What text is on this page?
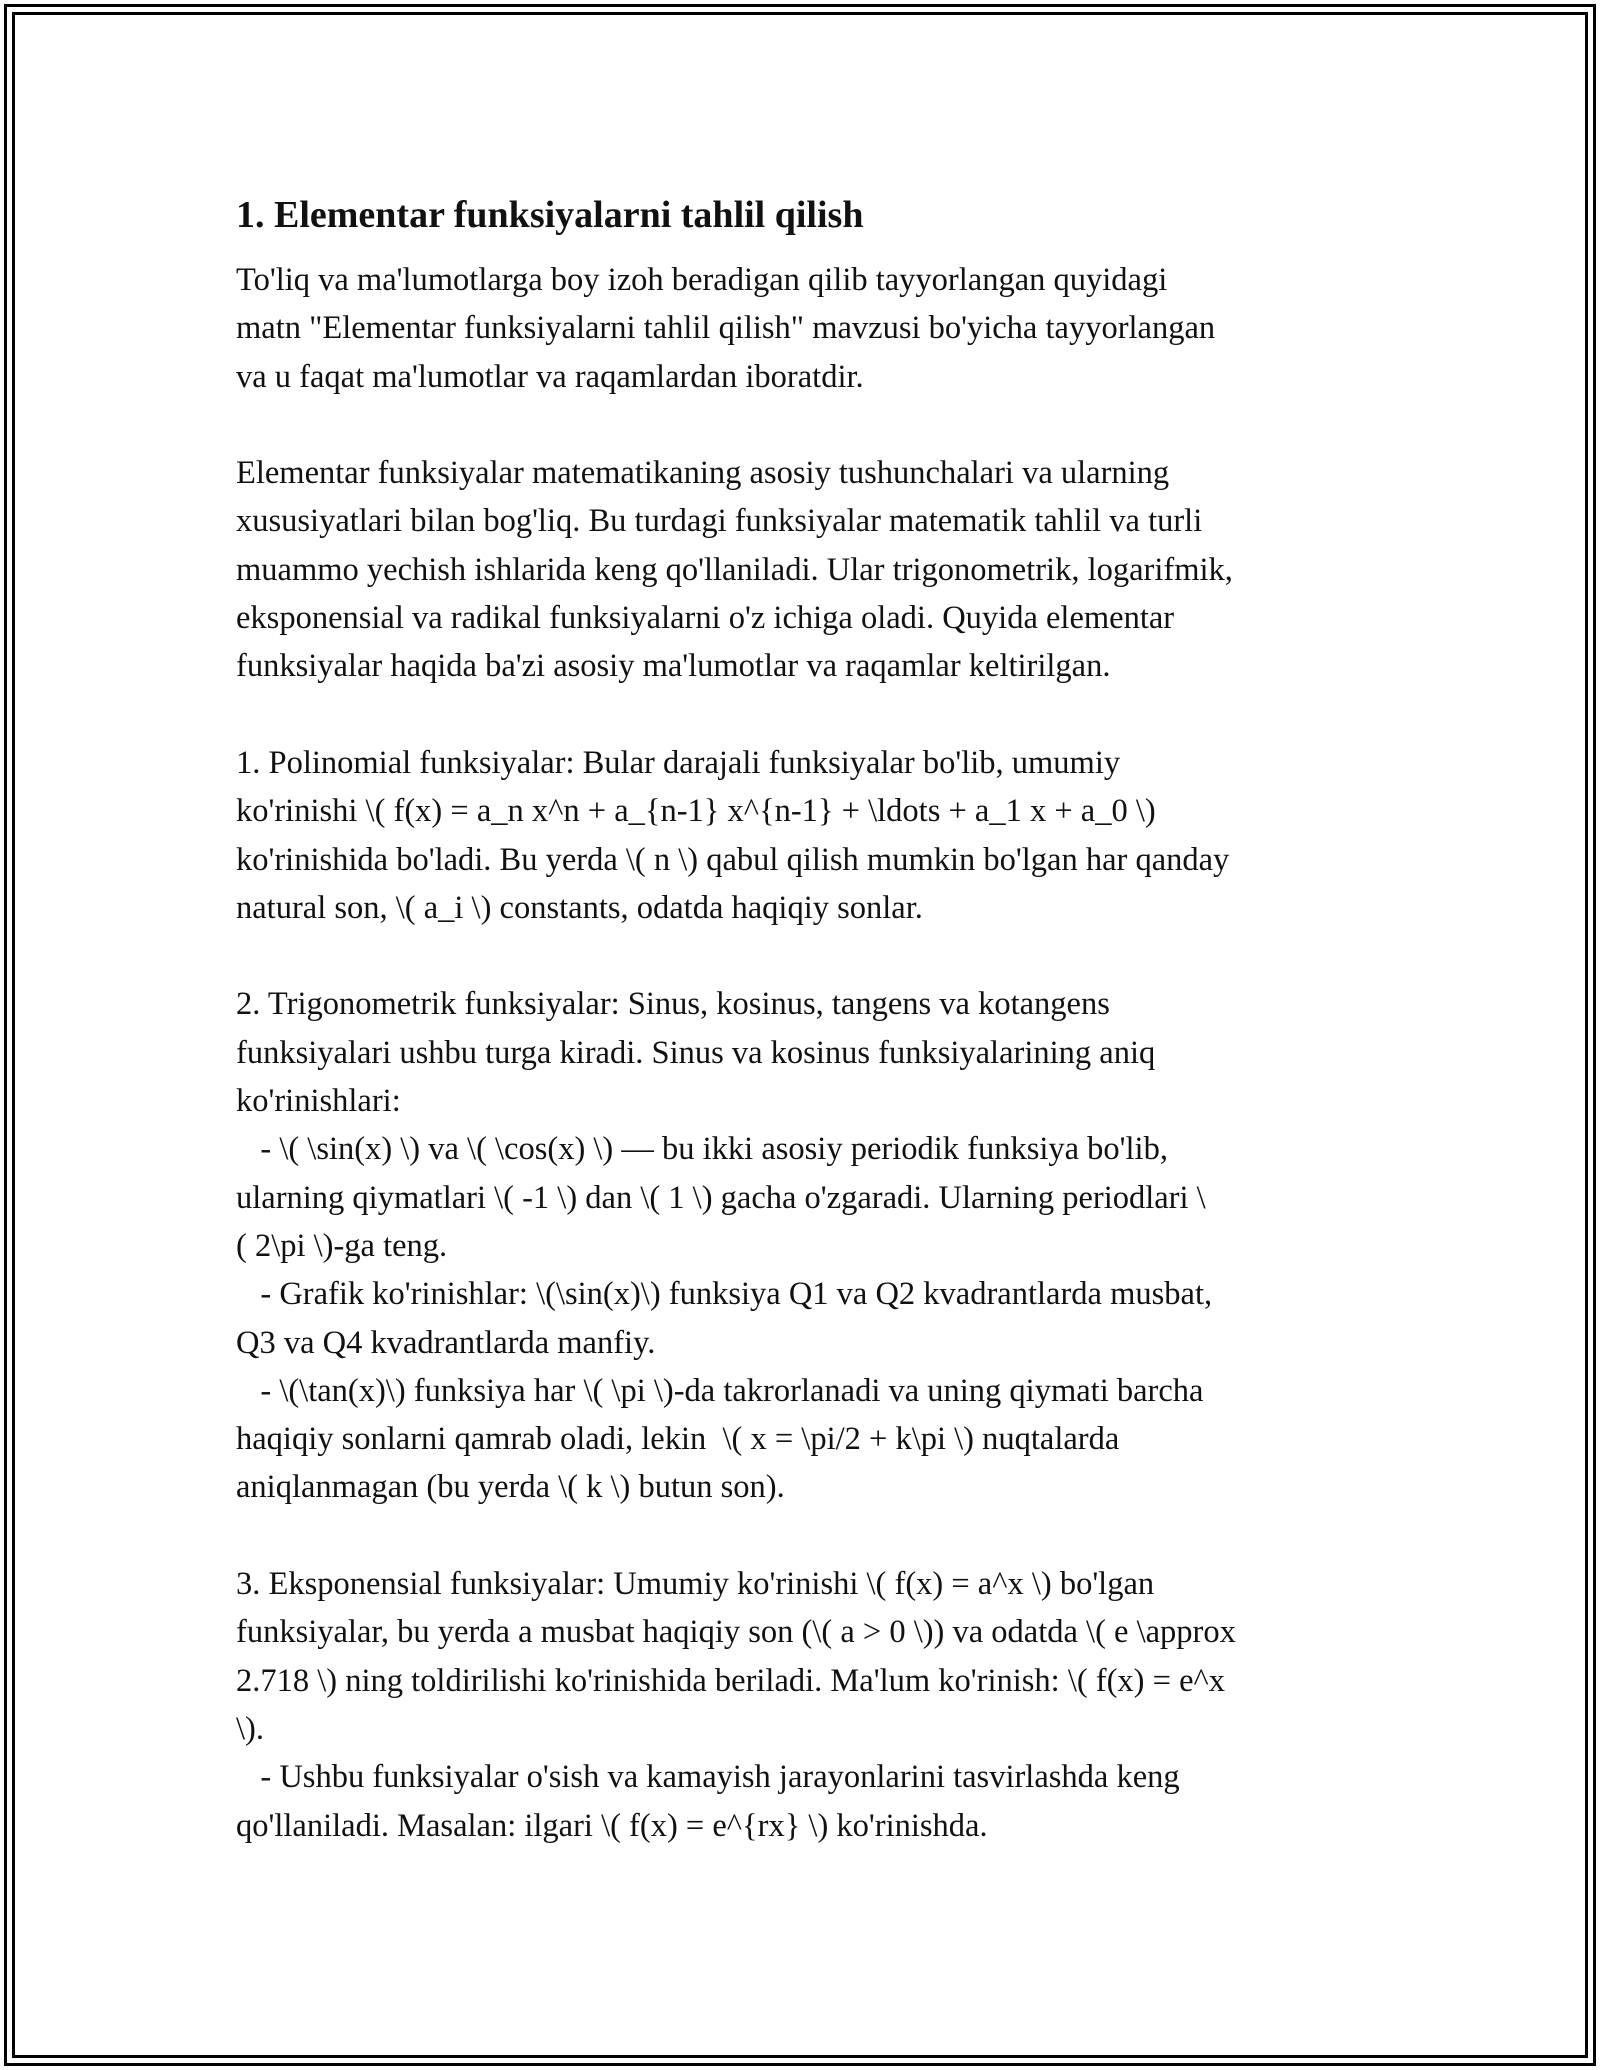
1. Elementar funksiyalarni tahlil qilish
To'liq va ma'lumotlarga boy izoh beradigan qilib tayyorlangan quyidagi
matn "Elementar funksiyalarni tahlil qilish" mavzusi bo'yicha tayyorlangan
va u faqat ma'lumotlar va raqamlardan iboratdir.
Elementar funksiyalar matematikaning asosiy tushunchalari va ularning
xususiyatlari bilan bog'liq. Bu turdagi funksiyalar matematik tahlil va turli
muammo yechish ishlarida keng qo'llaniladi. Ular trigonometrik, logarifmik,
eksponensial va radikal funksiyalarni o'z ichiga oladi. Quyida elementar
funksiyalar haqida ba'zi asosiy ma'lumotlar va raqamlar keltirilgan.
1. Polinomial funksiyalar: Bular darajali funksiyalar bo'lib, umumiy
ko'rinishi \( f(x) = a_n x^n + a_{n-1} x^{n-1} + \ldots + a_1 x + a_0 \)
ko'rinishida bo'ladi. Bu yerda \( n \) qabul qilish mumkin bo'lgan har qanday
natural son, \( a_i \) constants, odatda haqiqiy sonlar.
2. Trigonometrik funksiyalar: Sinus, kosinus, tangens va kotangens
funksiyalari ushbu turga kiradi. Sinus va kosinus funksiyalarining aniq
ko'rinishlari:
- \( \sin(x) \) va \( \cos(x) \) — bu ikki asosiy periodik funksiya bo'lib,
ularning qiymatlari \( -1 \) dan \( 1 \) gacha o'zgaradi. Ularning periodlari \
( 2\pi \)-ga teng.
- Grafik ko'rinishlar: \(\sin(x)\) funksiya Q1 va Q2 kvadrantlarda musbat,
Q3 va Q4 kvadrantlarda manfiy.
- \(\tan(x)\) funksiya har \( \pi \)-da takrorlanadi va uning qiymati barcha
haqiqiy sonlarni qamrab oladi, lekin  \( x = \pi/2 + k\pi \) nuqtalarda
aniqlanmagan (bu yerda \( k \) butun son).
3. Eksponensial funksiyalar: Umumiy ko'rinishi \( f(x) = a^x \) bo'lgan
funksiyalar, bu yerda a musbat haqiqiy son (\( a > 0 \)) va odatda \( e \approx
2.718 \) ning toldirilishi ko'rinishida beriladi. Ma'lum ko'rinish: \( f(x) = e^x
\).
- Ushbu funksiyalar o'sish va kamayish jarayonlarini tasvirlashda keng
qo'llaniladi. Masalan: ilgari \( f(x) = e^{rx} \) ko'rinishda.
